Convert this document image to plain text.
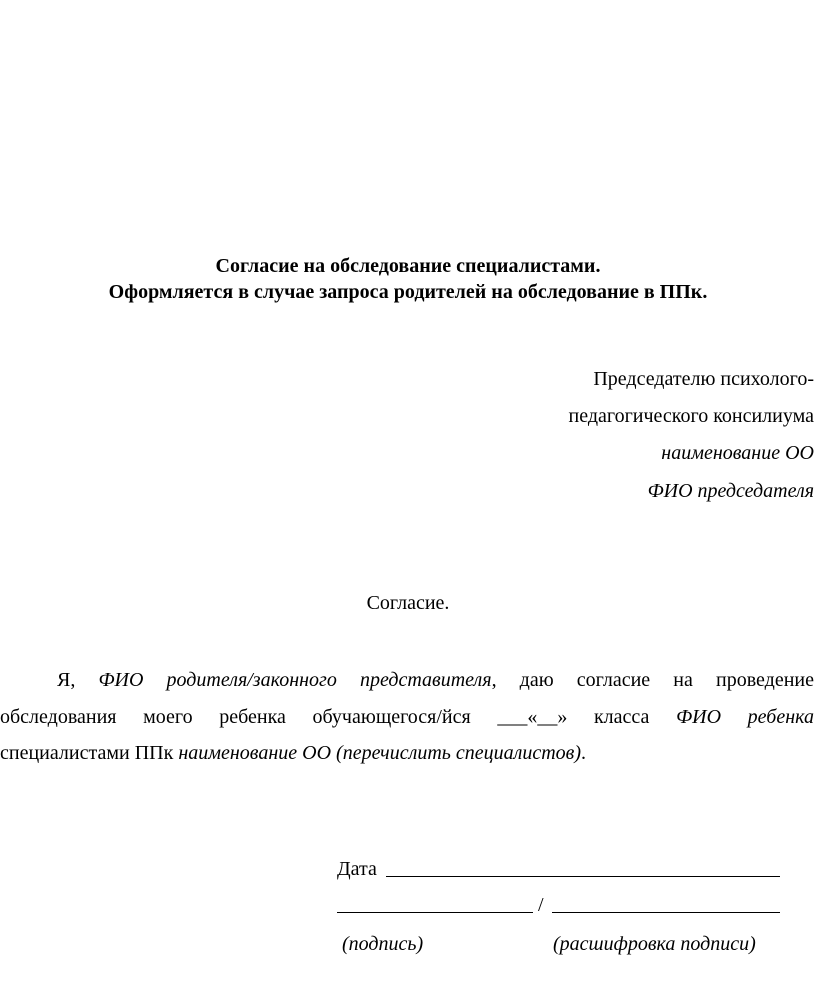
Согласие на обследование специалистами.
Оформляется в случае запроса родителей на обследование в ППк.
Председателю психолого-
педагогического консилиума
наименование ОО
ФИО председателя
Согласие.
Я, ФИО родителя/законного представителя, даю согласие на проведение
обследования моего ребенка обучающегося/йся ___«__» класса ФИО ребенка
специалистами ППк наименование ОО (перечислить специалистов).
Дата
/
(подпись)	(расшифровка подписи)
